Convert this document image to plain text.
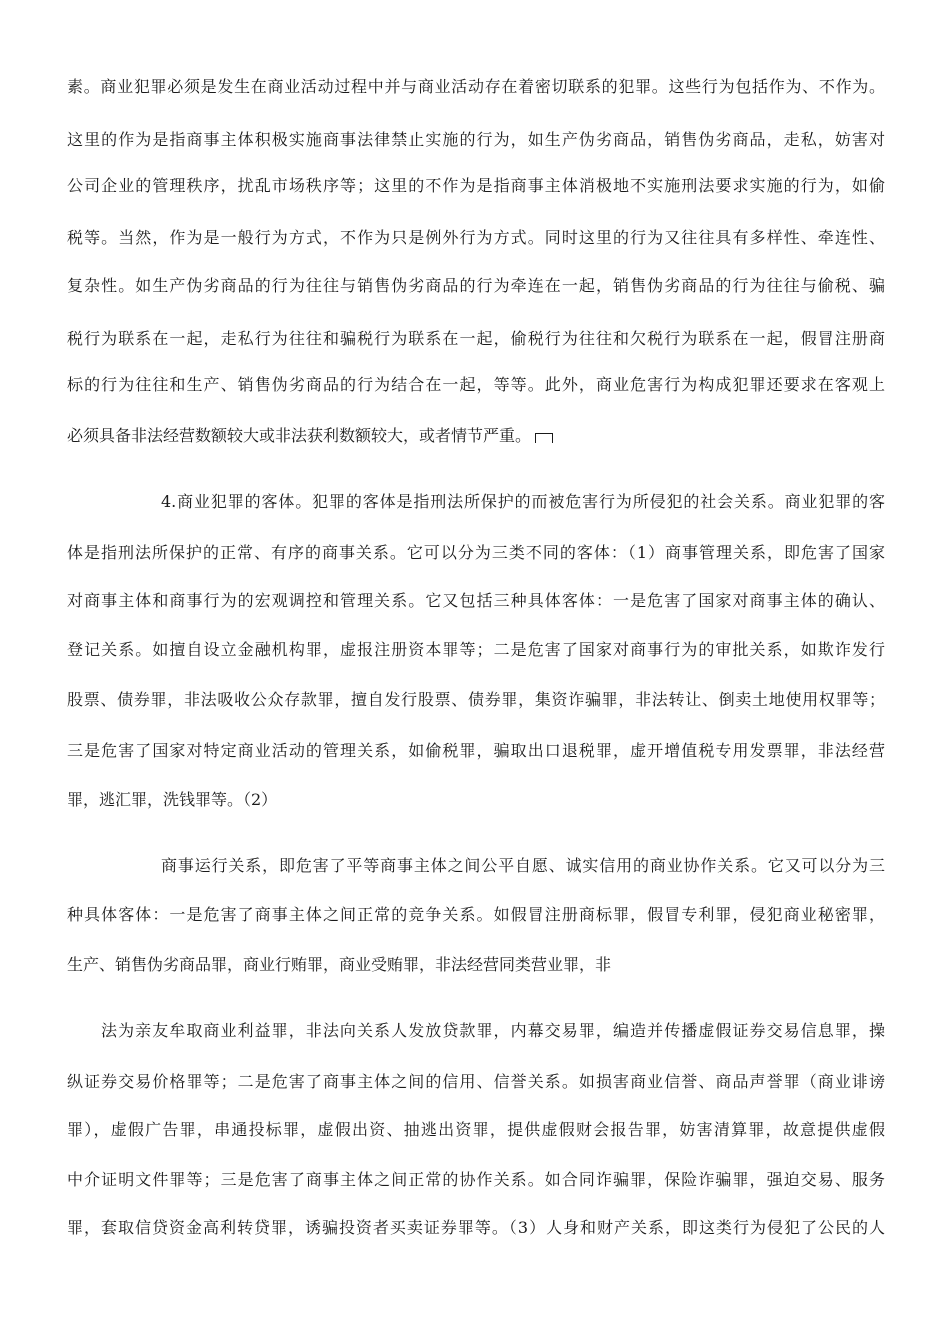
素。商业犯罪必须是发生在商业活动过程中并与商业活动存在着密切联系的犯罪。这些行为包括作为、不作为。
这里的作为是指商事主体积极实施商事法律禁止实施的行为，如生产伪劣商品，销售伪劣商品，走私，妨害对
公司企业的管理秩序，扰乱市场秩序等；这里的不作为是指商事主体消极地不实施刑法要求实施的行为，如偷
税等。当然，作为是一般行为方式，不作为只是例外行为方式。同时这里的行为又往往具有多样性、牵连性、
复杂性。如生产伪劣商品的行为往往与销售伪劣商品的行为牵连在一起，销售伪劣商品的行为往往与偷税、骗
税行为联系在一起，走私行为往往和骗税行为联系在一起，偷税行为往往和欠税行为联系在一起，假冒注册商
标的行为往往和生产、销售伪劣商品的行为结合在一起，等等。此外，商业危害行为构成犯罪还要求在客观上
必须具备非法经营数额较大或非法获利数额较大，或者情节严重。
4.商业犯罪的客体。犯罪的客体是指刑法所保护的而被危害行为所侵犯的社会关系。商业犯罪的客
体是指刑法所保护的正常、有序的商事关系。它可以分为三类不同的客体：（1）商事管理关系，即危害了国家
对商事主体和商事行为的宏观调控和管理关系。它又包括三种具体客体：一是危害了国家对商事主体的确认、
登记关系。如擅自设立金融机构罪，虚报注册资本罪等；二是危害了国家对商事行为的审批关系，如欺诈发行
股票、债券罪，非法吸收公众存款罪，擅自发行股票、债券罪，集资诈骗罪，非法转让、倒卖土地使用权罪等；
三是危害了国家对特定商业活动的管理关系，如偷税罪，骗取出口退税罪，虚开增值税专用发票罪，非法经营
罪，逃汇罪，洗钱罪等。（2）
商事运行关系，即危害了平等商事主体之间公平自愿、诚实信用的商业协作关系。它又可以分为三
种具体客体：一是危害了商事主体之间正常的竞争关系。如假冒注册商标罪，假冒专利罪，侵犯商业秘密罪，
生产、销售伪劣商品罪，商业行贿罪，商业受贿罪，非法经营同类营业罪，非
法为亲友牟取商业利益罪，非法向关系人发放贷款罪，内幕交易罪，编造并传播虚假证券交易信息罪，操
纵证券交易价格罪等；二是危害了商事主体之间的信用、信誉关系。如损害商业信誉、商品声誉罪（商业诽谤
罪），虚假广告罪，串通投标罪，虚假出资、抽逃出资罪，提供虚假财会报告罪，妨害清算罪，故意提供虚假
中介证明文件罪等；三是危害了商事主体之间正常的协作关系。如合同诈骗罪，保险诈骗罪，强迫交易、服务
罪，套取信贷资金高利转贷罪，诱骗投资者买卖证券罪等。（3）人身和财产关系，即这类行为侵犯了公民的人
